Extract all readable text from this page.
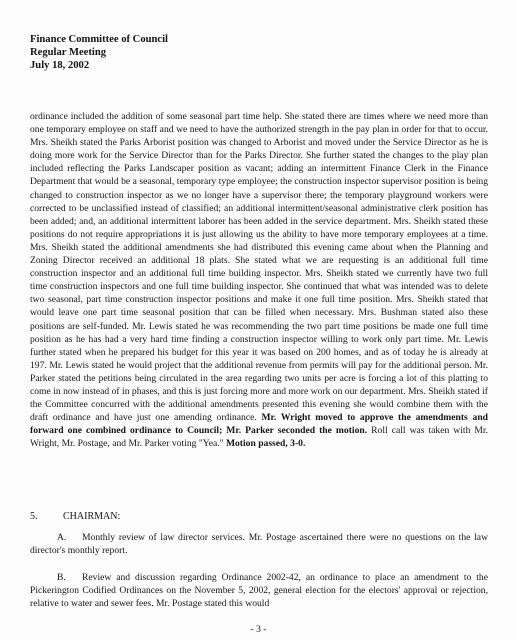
Finance Committee of Council
Regular Meeting
July 18, 2002

ordinance included the addition of some seasonal part time help. She stated there are times where we need more than one temporary employee on staff and we need to have the authorized strength in the pay plan in order for that to occur. Mrs. Sheikh stated the Parks Arborist position was changed to Arborist and moved under the Service Director as he is doing more work for the Service Director than for the Parks Director. She further stated the changes to the play plan included reflecting the Parks Landscaper position as vacant; adding an intermittent Finance Clerk in the Finance Department that would be a seasonal, temporary type employee; the construction inspector supervisor position is being changed to construction inspector as we no longer have a supervisor there; the temporary playground workers were corrected to be unclassified instead of classified; an additional intermittent/seasonal administrative clerk position has been added; and, an additional intermittent laborer has been added in the service department. Mrs. Sheikh stated these positions do not require appropriations it is just allowing us the ability to have more temporary employees at a time. Mrs. Sheikh stated the additional amendments she had distributed this evening came about when the Planning and Zoning Director received an additional 18 plats. She stated what we are requesting is an additional full time construction inspector and an additional full time building inspector. Mrs. Sheikh stated we currently have two full time construction inspectors and one full time building inspector. She continued that what was intended was to delete two seasonal, part time construction inspector positions and make it one full time position. Mrs. Sheikh stated that would leave one part time seasonal position that can be filled when necessary. Mrs. Bushman stated also these positions are self-funded. Mr. Lewis stated he was recommending the two part time positions be made one full time position as he has had a very hard time finding a construction inspector willing to work only part time. Mr. Lewis further stated when he prepared his budget for this year it was based on 200 homes, and as of today he is already at 197. Mr. Lewis stated he would project that the additional revenue from permits will pay for the additional person. Mr. Parker stated the petitions being circulated in the area regarding two units per acre is forcing a lot of this platting to come in now instead of in phases, and this is just forcing more and more work on our department. Mrs. Sheikh stated if the Committee concurred with the additional amendments presented this evening she would combine them with the draft ordinance and have just one amending ordinance. Mr. Wright moved to approve the amendments and forward one combined ordinance to Council; Mr. Parker seconded the motion. Roll call was taken with Mr. Wright, Mr. Postage, and Mr. Parker voting "Yea." Motion passed, 3-0.

5.	CHAIRMAN:
A. Monthly review of law director services. Mr. Postage ascertained there were no questions on the law director's monthly report.
B. Review and discussion regarding Ordinance 2002-42, an ordinance to place an amendment to the Pickerington Codified Ordinances on the November 5, 2002, general election for the electors' approval or rejection, relative to water and sewer fees. Mr. Postage stated this would
- 3 -
